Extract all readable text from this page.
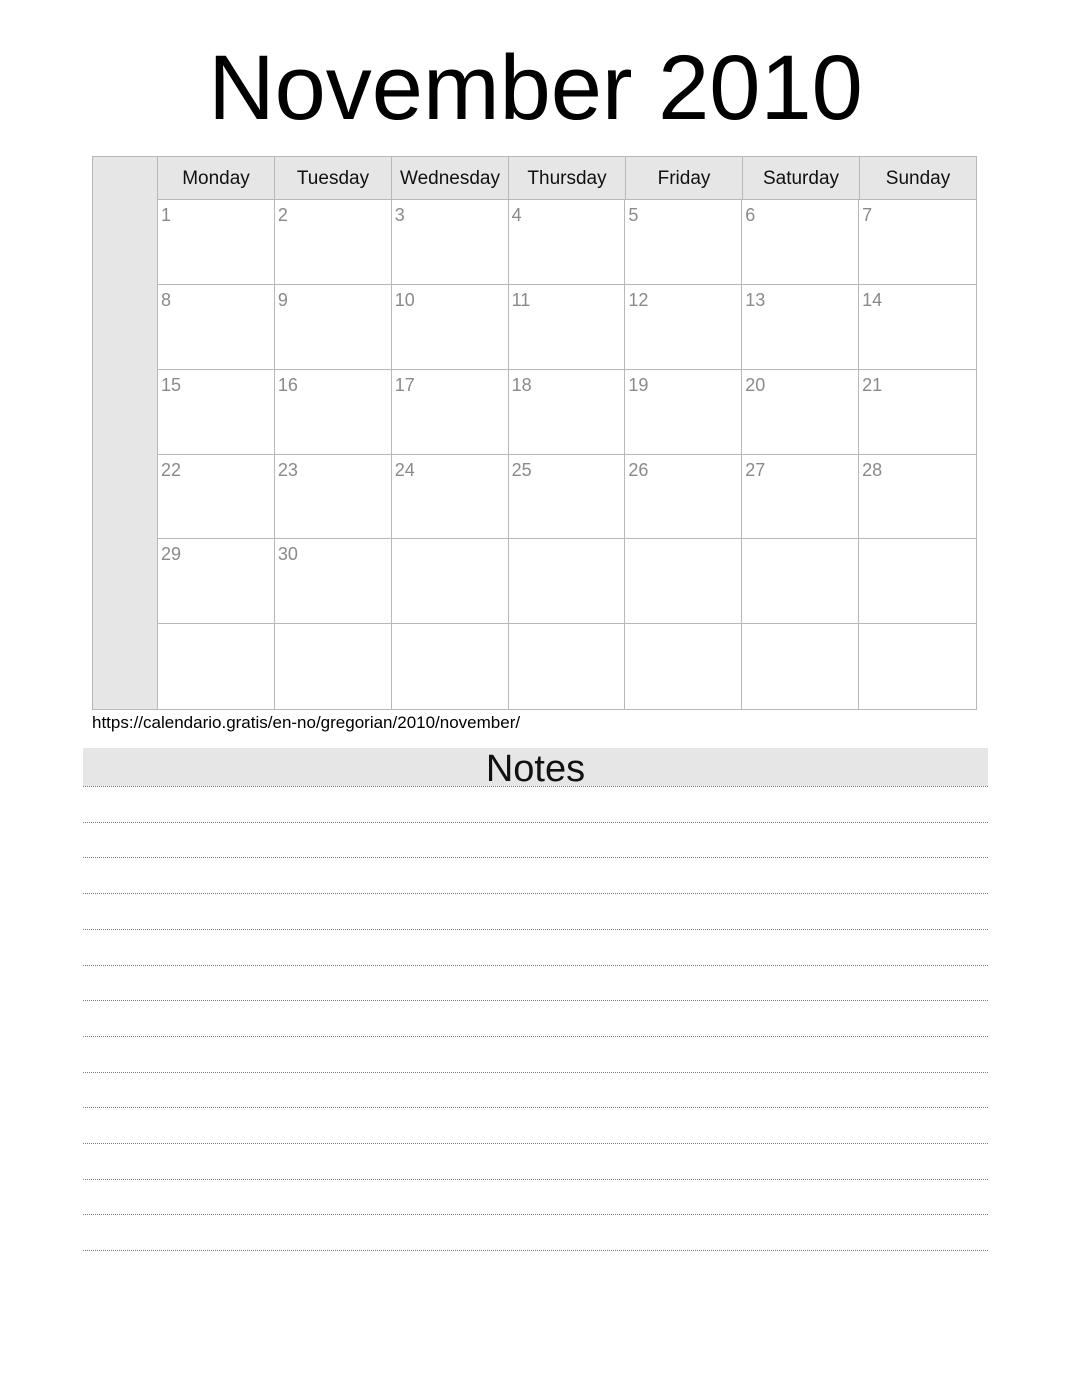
November 2010
Monday	Tuesday	Wednesday	Thursday	Friday	Saturday	Sunday
1	2	3	4	5	6	7
8	9	10	11	12	13	14
15	16	17	18	19	20	21
22	23	24	25	26	27	28
29	30
https://calendario.gratis/en-no/gregorian/2010/november/
Notes
